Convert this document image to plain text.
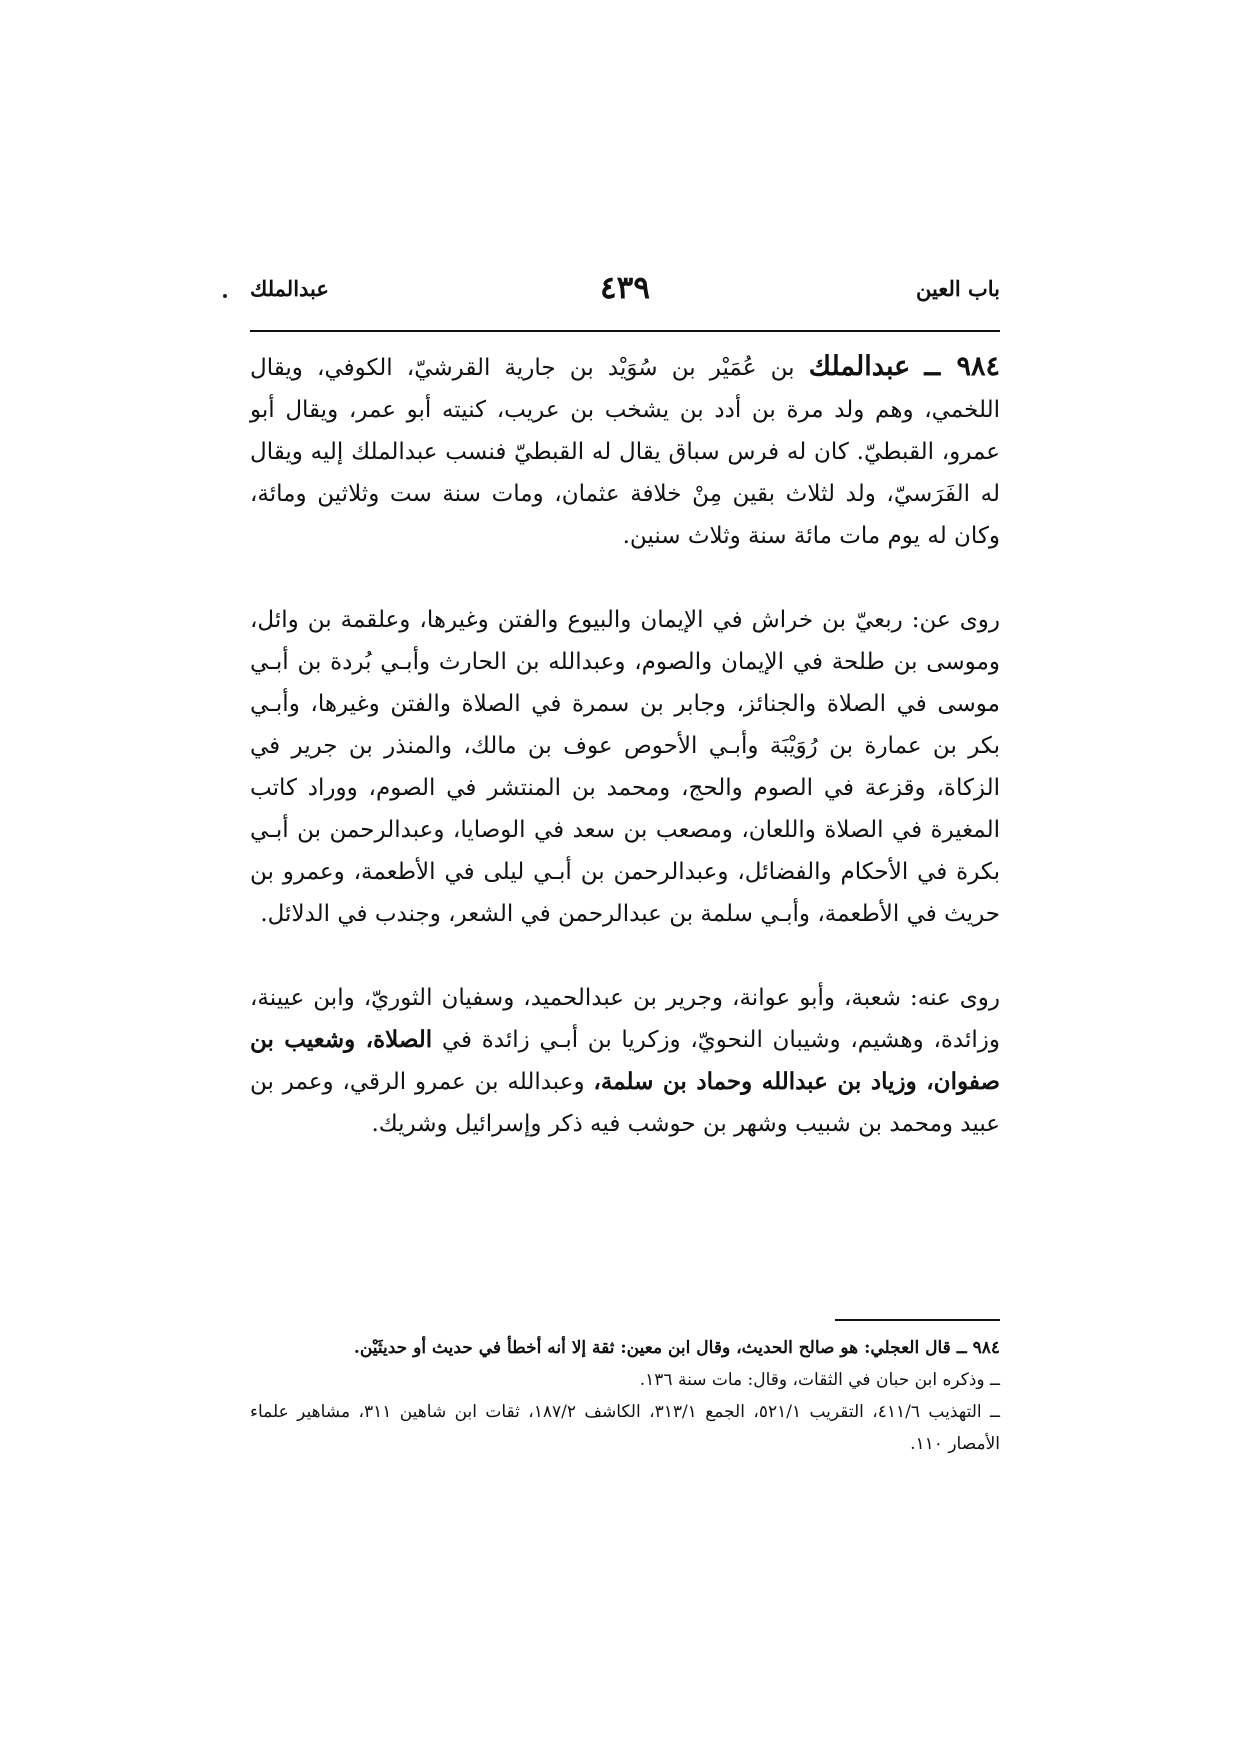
باب العين
٤٣٩
عبدالملك

٩٨٤ ــ عبدالملك بن عُمَيْر بن سُوَيْد بن جارية القرشيّ، الكوفي، ويقال اللخمي، وهم ولد مرة بن أدد بن يشخب بن عريب، كنيته أبو عمر، ويقال أبو عمرو، القبطيّ. كان له فرس سباق يقال له القبطيّ فنسب عبدالملك إليه ويقال له الفَرَسيّ، ولد لثلاث بقين مِنْ خلافة عثمان، ومات سنة ست وثلاثين ومائة، وكان له يوم مات مائة سنة وثلاث سنين.

روى عن: ربعيّ بن خراش في الإيمان والبيوع والفتن وغيرها، وعلقمة بن وائل، وموسى بن طلحة في الإيمان والصوم، وعبدالله بن الحارث وأبـي بُردة بن أبـي موسى في الصلاة والجنائز، وجابر بن سمرة في الصلاة والفتن وغيرها، وأبـي بكر بن عمارة بن رُوَيْبَة وأبـي الأحوص عوف بن مالك، والمنذر بن جرير في الزكاة، وقزعة في الصوم والحج، ومحمد بن المنتشر في الصوم، ووراد كاتب المغيرة في الصلاة واللعان، ومصعب بن سعد في الوصايا، وعبدالرحمن بن أبـي بكرة في الأحكام والفضائل، وعبدالرحمن بن أبـي ليلى في الأطعمة، وعمرو بن حريث في الأطعمة، وأبـي سلمة بن عبدالرحمن في الشعر، وجندب في الدلائل.

روى عنه: شعبة، وأبو عوانة، وجرير بن عبدالحميد، وسفيان الثوريّ، وابن عيينة، وزائدة، وهشيم، وشيبان النحويّ، وزكريا بن أبـي زائدة في الصلاة، وشعيب بن صفوان، وزياد بن عبدالله وحماد بن سلمة، وعبدالله بن عمرو الرقي، وعمر بن عبيد ومحمد بن شبيب وشهر بن حوشب فيه ذكر وإسرائيل وشريك.

٩٨٤ ــ قال العجلي: هو صالح الحديث، وقال ابن معين: ثقة إلا أنه أخطأ في حديث أو حديثَيْن.

ــ وذكره ابن حبان في الثقات، وقال: مات سنة ١٣٦.

ــ التهذيب ٤١١/٦، التقريب ٥٢١/١، الجمع ٣١٣/١، الكاشف ١٨٧/٢، ثقات ابن شاهين ٣١١، مشاهير علماء الأمصار ١١٠.
